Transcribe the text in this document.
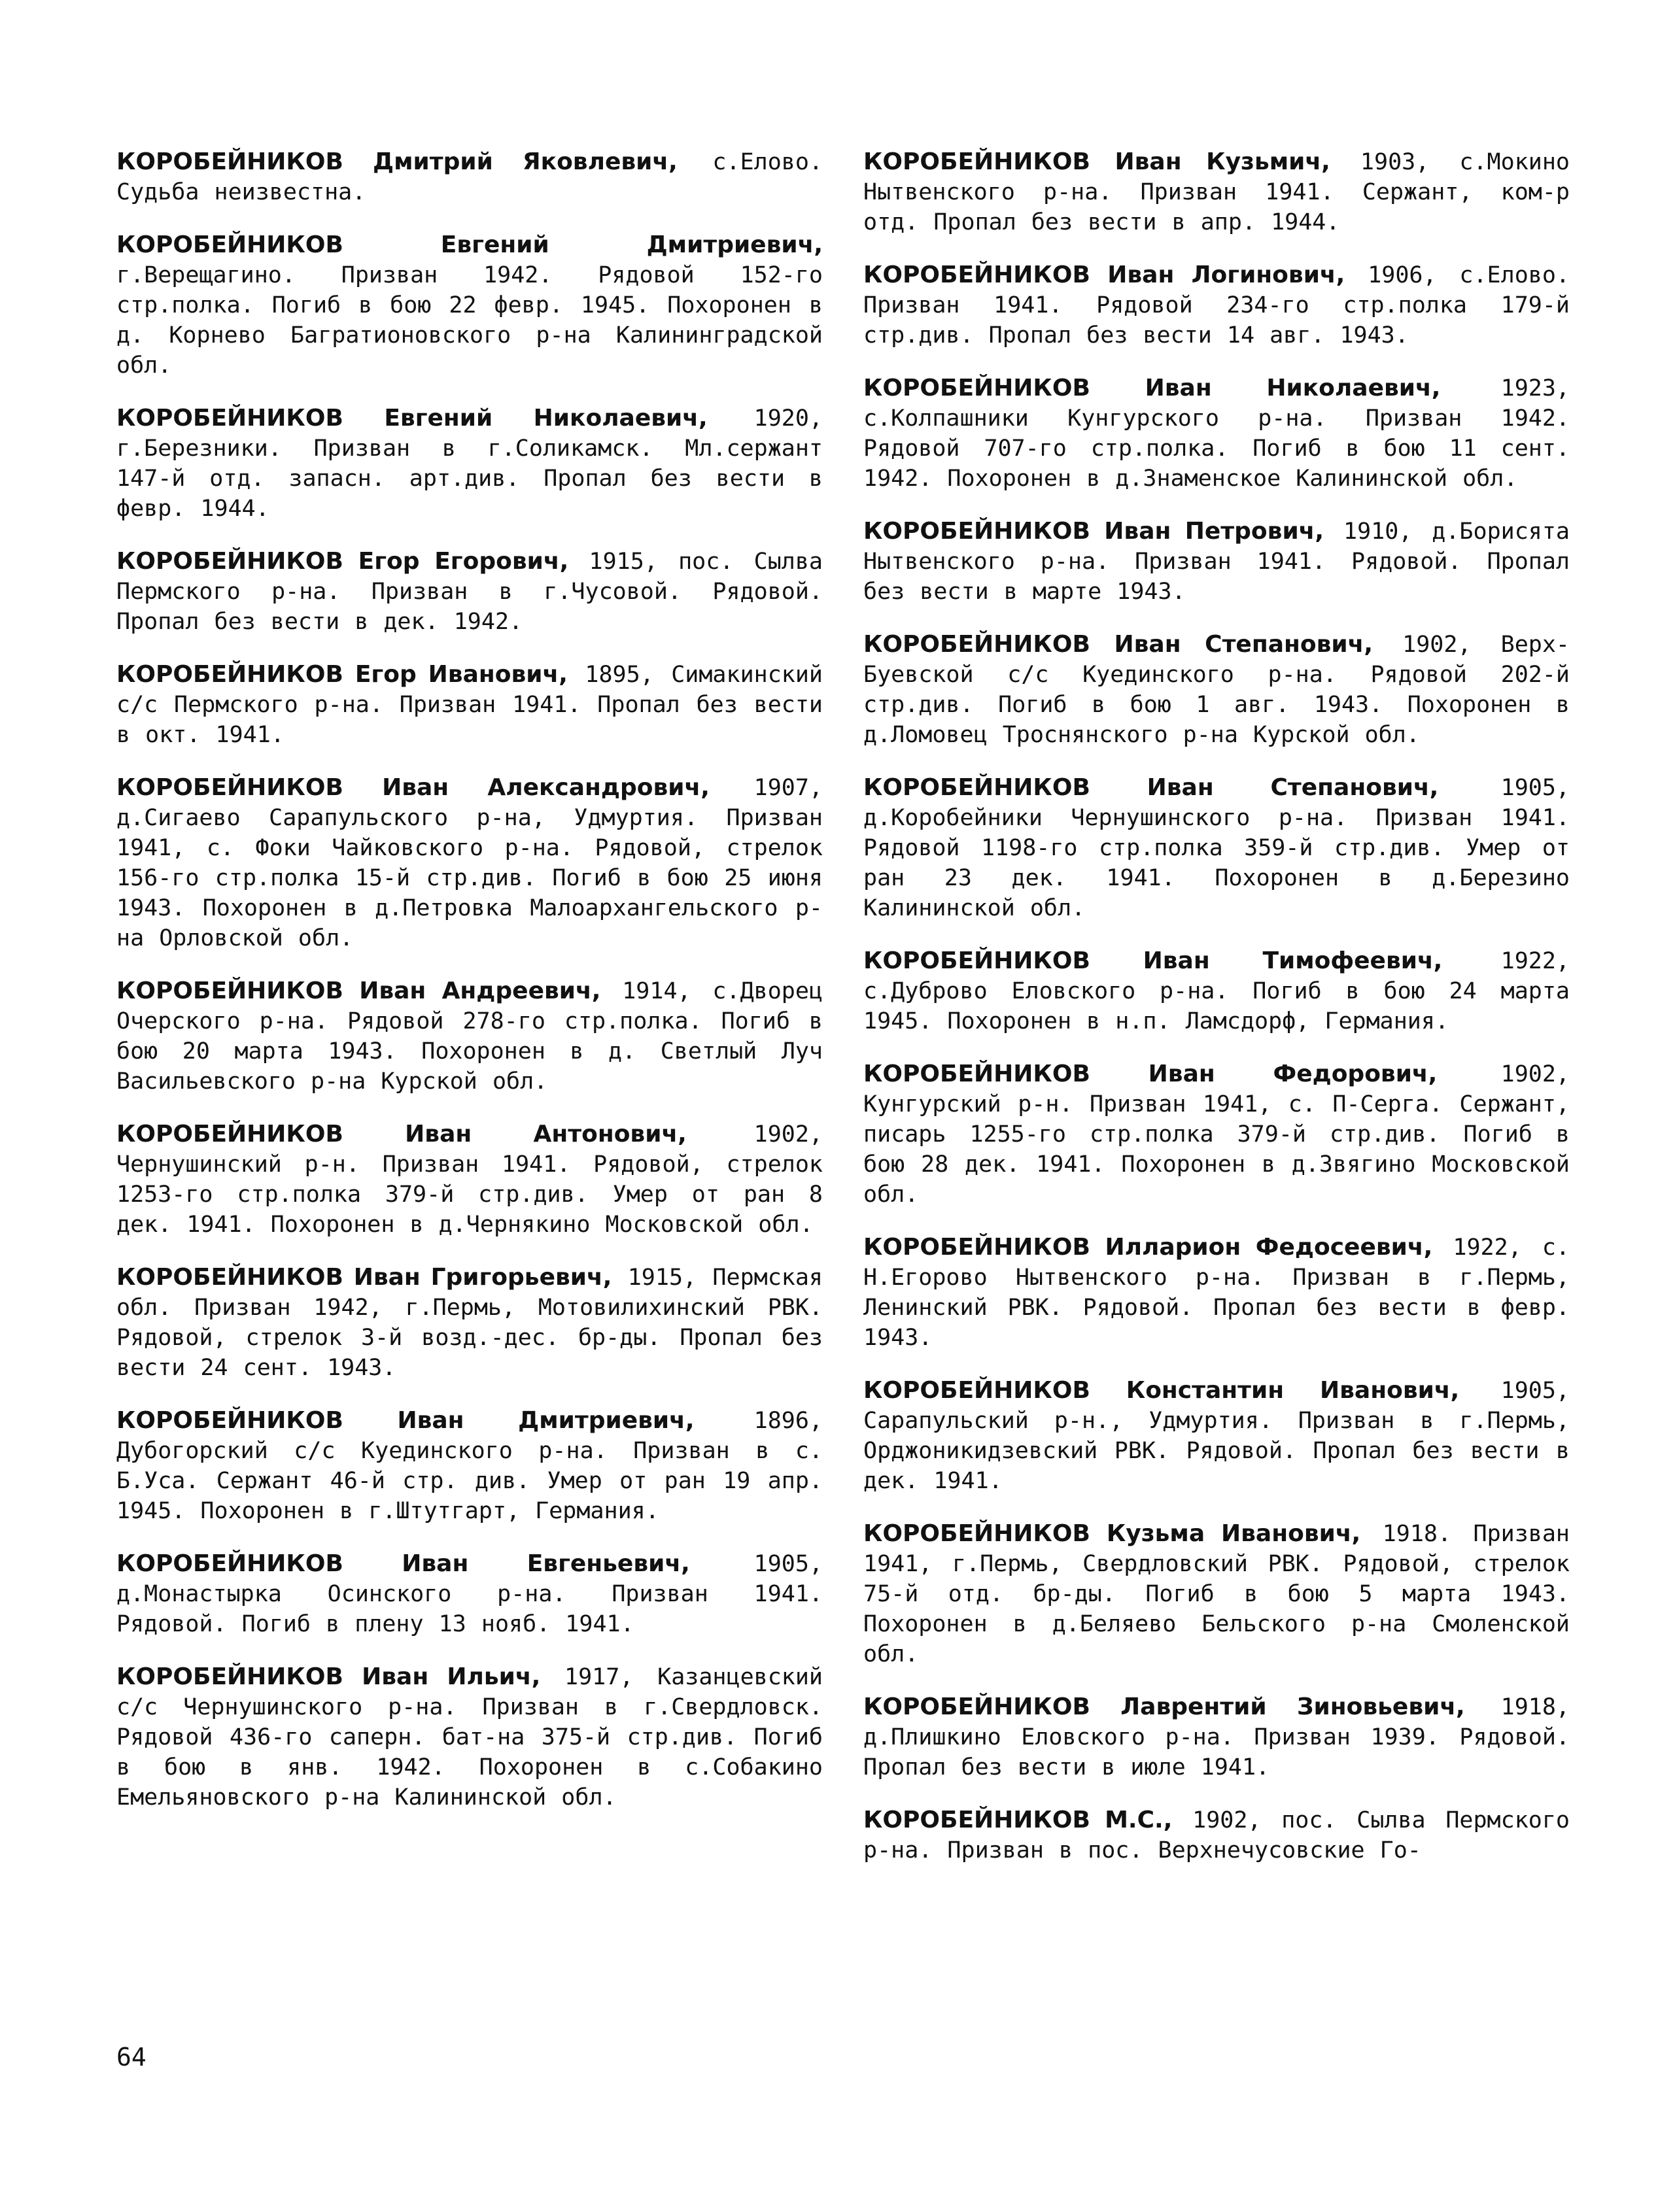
КОРОБЕЙНИКОВ Дмитрий Яковлевич, с.Елово. Судьба неизвестна.

КОРОБЕЙНИКОВ Евгений Дмитриевич, г.Верещагино. Призван 1942. Рядовой 152-го стр.полка. Погиб в бою 22 февр. 1945. Похоронен в д. Корнево Багратионовского р-на Калининградской обл.

КОРОБЕЙНИКОВ Евгений Николаевич, 1920, г.Березники. Призван в г.Соликамск. Мл.сержант 147-й отд. запасн. арт.див. Пропал без вести в февр. 1944.

КОРОБЕЙНИКОВ Егор Егорович, 1915, пос. Сылва Пермского р-на. Призван в г.Чусовой. Рядовой. Пропал без вести в дек. 1942.

КОРОБЕЙНИКОВ Егор Иванович, 1895, Симакинский с/с Пермского р-на. Призван 1941. Пропал без вести в окт. 1941.

КОРОБЕЙНИКОВ Иван Александрович, 1907, д.Сигаево Сарапульского р-на, Удмуртия. Призван 1941, с. Фоки Чайковского р-на. Рядовой, стрелок 156-го стр.полка 15-й стр.див. Погиб в бою 25 июня 1943. Похоронен в д.Петровка Малоархангельского р-на Орловской обл.

КОРОБЕЙНИКОВ Иван Андреевич, 1914, с.Дворец Очерского р-на. Рядовой 278-го стр.полка. Погиб в бою 20 марта 1943. Похоронен в д. Светлый Луч Васильевского р-на Курской обл.

КОРОБЕЙНИКОВ Иван Антонович,	1902, Чернушинский р-н. Призван 1941. Рядовой, стрелок 1253-го стр.полка 379-й стр.див. Умер от ран 8 дек. 1941. Похоронен в д.Чернякино Московской обл.

КОРОБЕЙНИКОВ Иван Григорьевич, 1915, Пермская обл. Призван 1942, г.Пермь, Мотовилихинский РВК. Рядовой, стрелок 3-й возд.-дес. бр-ды. Пропал без вести 24 сент. 1943.

КОРОБЕЙНИКОВ Иван Дмитриевич,	1896, Дубогорский с/с Куединского р-на. Призван в с. Б.Уса. Сержант 46-й стр. див. Умер от ран 19 апр. 1945. Похоронен в г.Штутгарт, Германия.

КОРОБЕЙНИКОВ Иван Евгеньевич,	1905, д.Монастырка Осинского р-на. Призван 1941. Рядовой. Погиб в плену 13 нояб. 1941.

КОРОБЕЙНИКОВ Иван Ильич, 1917, Казанцевский с/с Чернушинского р-на. Призван в г.Свердловск. Рядовой 436-го саперн. бат-на 375-й стр.див. Погиб в бою в янв. 1942. Похоронен в с.Собакино Емельяновского р-на Калининской обл.

КОРОБЕЙНИКОВ Иван Кузьмич, 1903, с.Мокино Нытвенского р-на. Призван 1941. Сержант, ком-р отд. Пропал без вести в апр. 1944.

КОРОБЕЙНИКОВ Иван Логинович, 1906, с.Елово. Призван 1941. Рядовой 234-го стр.полка 179-й стр.див. Пропал без вести 14 авг. 1943.

КОРОБЕЙНИКОВ Иван Николаевич,	1923, с.Колпашники Кунгурского р-на. Призван 1942. Рядовой 707-го стр.полка. Погиб в бою 11 сент. 1942. Похоронен в д.Знаменское Калининской обл.

КОРОБЕЙНИКОВ Иван Петрович, 1910, д.Борисята Нытвенского р-на. Призван 1941. Рядовой. Пропал без вести в марте 1943.

КОРОБЕЙНИКОВ Иван Степанович, 1902, Верх-Буевской с/с Куединского р-на. Рядовой 202-й стр.див. Погиб в бою 1 авг. 1943. Похоронен в д.Ломовец Троснянского р-на Курской обл.

КОРОБЕЙНИКОВ Иван Степанович,	1905, д.Коробейники Чернушинского р-на. Призван 1941. Рядовой 1198-го стр.полка 359-й стр.див. Умер от ран 23 дек. 1941. Похоронен в д.Березино Калининской обл.

КОРОБЕЙНИКОВ Иван Тимофеевич,	1922, с.Дуброво Еловского р-на. Погиб в бою 24 марта 1945. Похоронен в н.п. Ламсдорф, Германия.

КОРОБЕЙНИКОВ Иван Федорович,	1902, Кунгурский р-н. Призван 1941, с. П-Серга. Сержант, писарь 1255-го стр.полка 379-й стр.див. Погиб в бою 28 дек. 1941. Похоронен в д.Звягино Московской обл.

КОРОБЕЙНИКОВ Илларион Федосеевич, 1922, с. Н.Егорово Нытвенского р-на. Призван в г.Пермь, Ленинский РВК. Рядовой. Пропал без вести в февр. 1943.

КОРОБЕЙНИКОВ Константин Иванович, 1905, Сарапульский р-н., Удмуртия. Призван в г.Пермь, Орджоникидзевский РВК. Рядовой. Пропал без вести в дек. 1941.

КОРОБЕЙНИКОВ Кузьма Иванович, 1918. Призван 1941, г.Пермь, Свердловский РВК. Рядовой, стрелок 75-й отд. бр-ды. Погиб в бою 5 марта 1943. Похоронен в д.Беляево Бельского р-на Смоленской обл.

КОРОБЕЙНИКОВ Лаврентий Зиновьевич, 1918, д.Плишкино Еловского р-на. Призван 1939. Рядовой. Пропал без вести в июле 1941.

КОРОБЕЙНИКОВ М.С., 1902, пос. Сылва Пермского р-на. Призван в пос. Верхнечусовские Го-

64
